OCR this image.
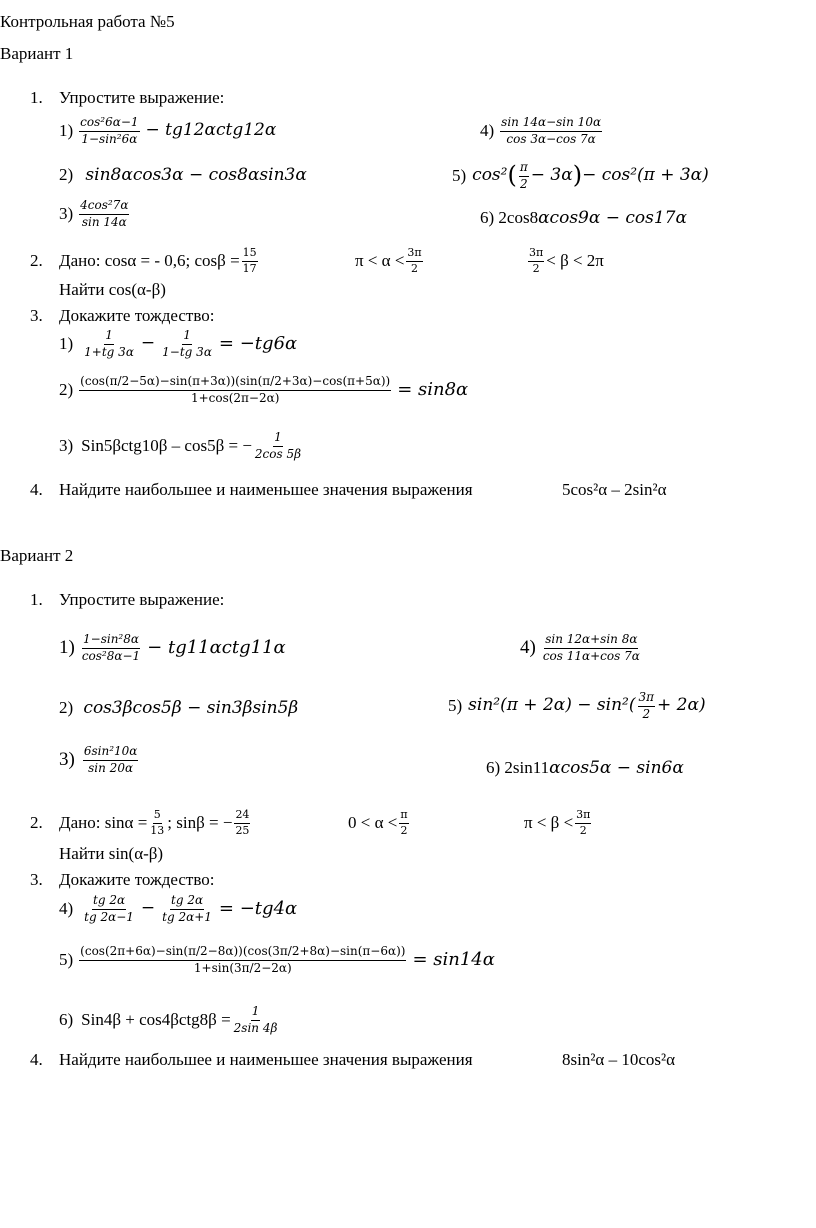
Контрольная работа №5
Вариант 1
1. Упростите выражение:
$1) \frac{\text{cos²6α−1}}{\text{1−sin²6α}} - tg12\alpha ctg12\alpha$	$4) \frac{\sin 14\alpha-\sin 10\alpha}{\cos 3\alpha-\cos 7\alpha}$
2) sin8αcos3α − cos8αsin3α	5) cos² ( $\frac{\pi}{2} - 3\alpha$ ) − cos²(π + 3α)
$3) \frac{\text{4cos²7α}}{\sin 14\alpha}$	6) 2cos8αcos9α − cos17α
2. Дано: cosα = - 0,6; $\cos\beta = \frac{15}{17}$	$\pi < \alpha < \frac{3\pi}{2}$	$\frac{3\pi}{2} < \beta < 2\pi$
Найти cos(α-β)
3. Докажите тождество:
$1) \frac{1}{1+tg 3\alpha} - \frac{1}{1-tg 3\alpha} = -tg6\alpha$
$2) \frac{(\cos(\pi/2-5\alpha)-\sin(\pi+3\alpha))(\sin(\pi/2+3\alpha)-\cos(\pi+5\alpha))}{1+\cos(2\pi-2\alpha)} = \sin 8\alpha$
3) Sin5βctg10β – cos5β = − $\frac{1}{2\cos 5\beta}$
4. Найдите наибольшее и наименьшее значения выражения	5cos²α – 2sin²α
Вариант 2
1. Упростите выражение:
$1) \frac{\text{1−sin²8α}}{\text{cos²8α−1}} - tg11\alpha ctg11\alpha$	$4) \frac{\sin 12\alpha+\sin 8\alpha}{\cos 11\alpha+\cos 7\alpha}$
2) cos3βcos5β − sin3βsin5β	5) $\sin^2(\pi + 2\alpha) - \sin^2( \frac{3\pi}{2} + 2\alpha)$
$3) \frac{\text{6sin²10α}}{\sin 20\alpha}$	6) 2sin11αcos5α − sin6α
2. Дано: $\sin\alpha = \frac{5}{13}$ ; sinβ = − $\frac{24}{25}$	$0 < \alpha < \frac{\pi}{2}$	$\pi < \beta < \frac{3\pi}{2}$
Найти sin(α-β)
3. Докажите тождество:
$4) \frac{tg 2\alpha}{tg 2\alpha-1} - \frac{tg 2\alpha}{tg 2\alpha+1} = -tg4\alpha$
$5) \frac{(\cos(2\pi+6\alpha)-\sin(\pi/2-8\alpha))(\cos(3\pi/2+8\alpha)-\sin(\pi-6\alpha))}{1+\sin(3\pi/2-2\alpha)} = \sin 14\alpha$
6) $Sin4\beta + \cos 4\beta ctg8\beta = \frac{1}{2\sin 4\beta}$
4. Найдите наибольшее и наименьшее значения выражения	8sin²α – 10cos²α
